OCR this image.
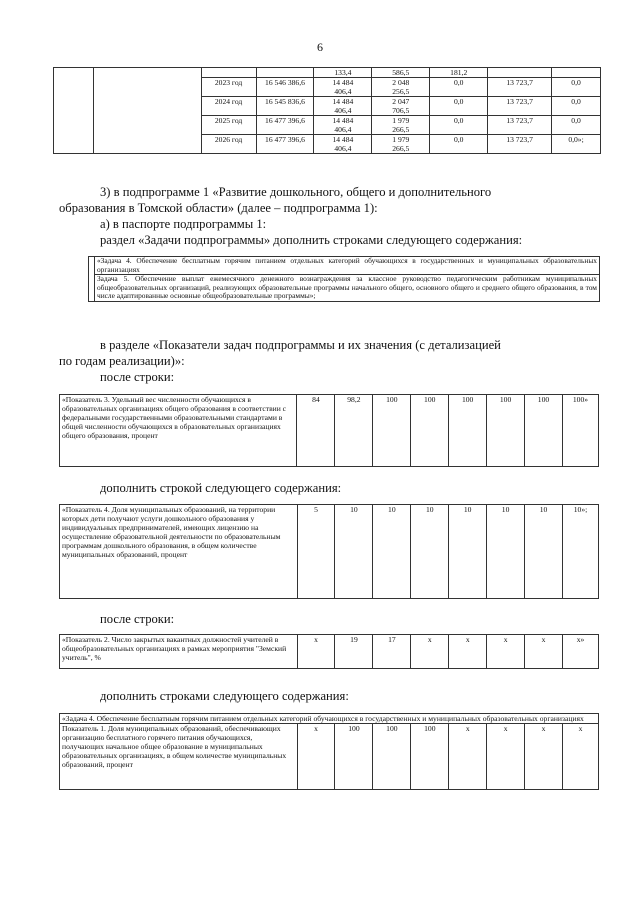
6
				133,4	586,5	181,2		
		2023 год	16 546 386,6	14 484
406,4	2 048
256,5	0,0	13 723,7	0,0
		2024 год	16 545 836,6	14 484
406,4	2 047
706,5	0,0	13 723,7	0,0
		2025 год	16 477 396,6	14 484
406,4	1 979
266,5	0,0	13 723,7	0,0
		2026 год	16 477 396,6	14 484
406,4	1 979
266,5	0,0	13 723,7	0,0»;
3) в подпрограмме 1 «Развитие дошкольного, общего и дополнительного
образования в Томской области» (далее – подпрограмма 1):
а) в паспорте подпрограммы 1:
раздел «Задачи подпрограммы» дополнить строками следующего содержания:
	«Задача 4. Обеспечение бесплатным горячим питанием отдельных категорий обучающихся в государственных и муниципальных образовательных организациях
Задача 5. Обеспечение выплат ежемесячного денежного вознаграждения за классное руководство педагогическим работникам муниципальных общеобразовательных организаций, реализующих образовательные программы начального общего, основного общего и среднего общего образования, в том числе адаптированные основные общеобразовательные программы»;
в разделе «Показатели задач подпрограммы и их значения (с детализацией
по годам реализации)»:
после строки:
«Показатель 3. Удельный вес численности обучающихся в образовательных организациях общего образования в соответствии с федеральными государственными образовательными стандартами в общей численности обучающихся в образовательных организациях общего образования, процент	84	98,2	100	100	100	100	100	100»
дополнить строкой следующего содержания:
«Показатель 4. Доля муниципальных образований, на территории которых дети получают услуги дошкольного образования у индивидуальных предпринимателей, имеющих лицензию на осуществление образовательной деятельности по образовательным программам дошкольного образования, в общем количестве муниципальных образований, процент	5	10	10	10	10	10	10	10»;
после строки:
«Показатель 2. Число закрытых вакантных должностей учителей в общеобразовательных организациях в рамках мероприятия "Земский учитель", %	х	19	17	х	х	х	х	х»
дополнить строками следующего содержания:
«Задача 4. Обеспечение бесплатным горячим питанием отдельных категорий обучающихся в государственных и муниципальных образовательных организациях
Показатель 1. Доля муниципальных образований, обеспечивающих организацию бесплатного горячего питания обучающихся, получающих начальное общее образование в муниципальных образовательных организациях, в общем количестве муниципальных образований, процент	х	100	100	100	х	х	х	х
